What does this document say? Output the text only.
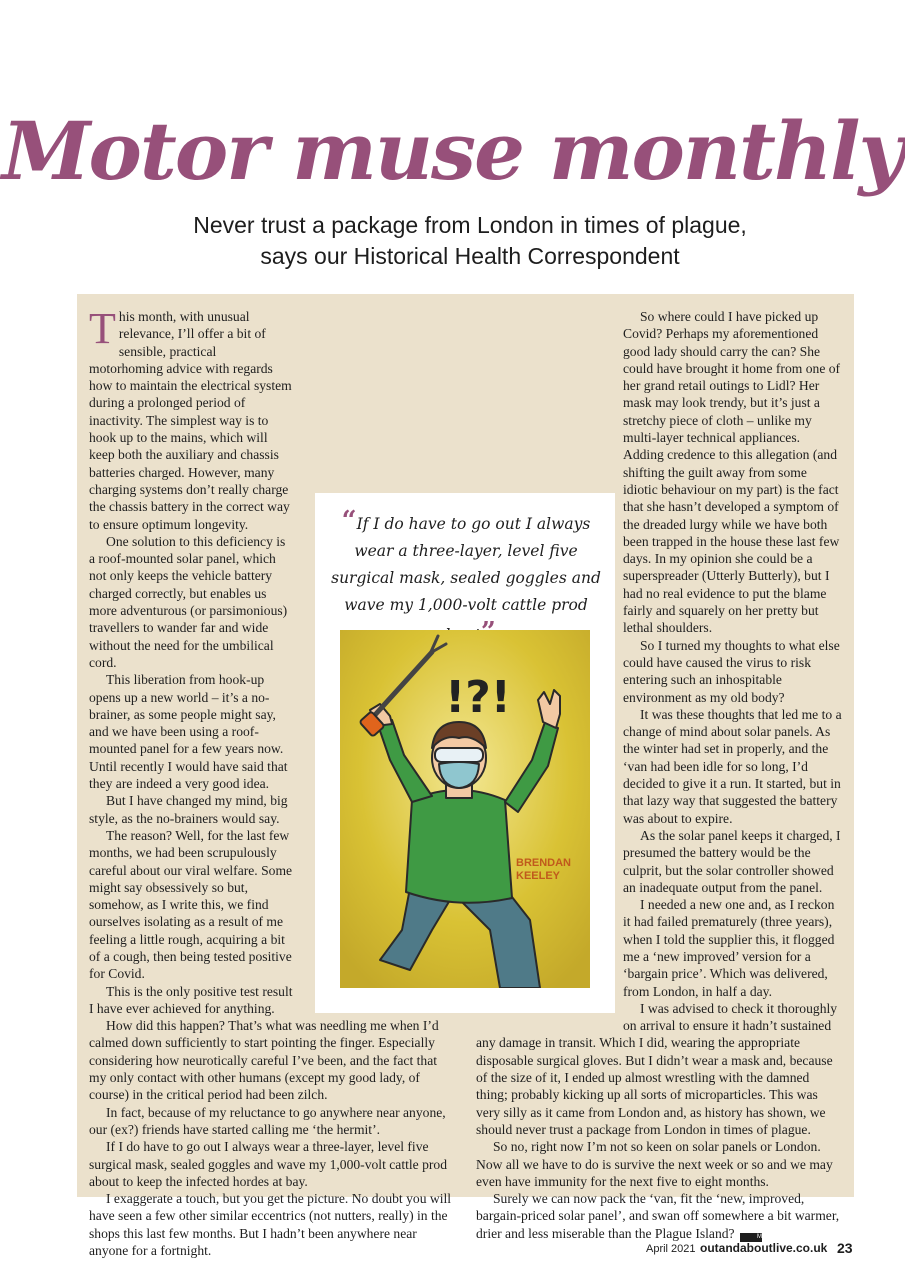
Motor muse monthly
Never trust a package from London in times of plague,
says our Historical Health Correspondent

This month, with unusual relevance, I’ll offer a bit of sensible, practical motorhoming advice with regards how to maintain the electrical system during a prolonged period of inactivity. The simplest way is to hook up to the mains, which will keep both the auxiliary and chassis batteries charged. However, many charging systems don’t really charge the chassis battery in the correct way to ensure optimum longevity.

One solution to this deficiency is a roof-mounted solar panel, which not only keeps the vehicle battery charged correctly, but enables us more adventurous (or parsimonious) travellers to wander far and wide without the need for the umbilical cord.

This liberation from hook-up opens up a new world – it’s a no-brainer, as some people might say, and we have been using a roof-mounted panel for a few years now. Until recently I would have said that they are indeed a very good idea.

But I have changed my mind, big style, as the no-brainers would say.

The reason? Well, for the last few months, we had been scrupulously careful about our viral welfare. Some might say obsessively so but, somehow, as I write this, we find ourselves isolating as a result of me feeling a little rough, acquiring a bit of a cough, then being tested positive for Covid.

This is the only positive test result I have ever achieved for anything.

How did this happen? That’s what was needling me when I’d calmed down sufficiently to start pointing the finger. Especially considering how neurotically careful I’ve been, and the fact that my only contact with other humans (except my good lady, of course) in the critical period had been zilch.

In fact, because of my reluctance to go anywhere near anyone, our (ex?) friends have started calling me ‘the hermit’.

If I do have to go out I always wear a three-layer, level five surgical mask, sealed goggles and wave my 1,000-volt cattle prod about to keep the infected hordes at bay.

I exaggerate a touch, but you get the picture. No doubt you will have seen a few other similar eccentrics (not nutters, really) in the shops this last few months. But I hadn’t been anywhere near anyone for a fortnight.

So where could I have picked up Covid? Perhaps my aforementioned good lady should carry the can? She could have brought it home from one of her grand retail outings to Lidl? Her mask may look trendy, but it’s just a stretchy piece of cloth – unlike my multi-layer technical appliances. Adding credence to this allegation (and shifting the guilt away from some idiotic behaviour on my part) is the fact that she hasn’t developed a symptom of the dreaded lurgy while we have both been trapped in the house these last few days. In my opinion she could be a superspreader (Utterly Butterly), but I had no real evidence to put the blame fairly and squarely on her pretty but lethal shoulders.

So I turned my thoughts to what else could have caused the virus to risk entering such an inhospitable environment as my old body?

It was these thoughts that led me to a change of mind about solar panels. As the winter had set in properly, and the ‘van had been idle for so long, I’d decided to give it a run. It started, but in that lazy way that suggested the battery was about to expire.

As the solar panel keeps it charged, I presumed the battery would be the culprit, but the solar controller showed an inadequate output from the panel.

I needed a new one and, as I reckon it had failed prematurely (three years), when I told the supplier this, it flogged me a ‘new improved’ version for a ‘bargain price’. Which was delivered, from London, in half a day.

I was advised to check it thoroughly on arrival to ensure it hadn’t sustained any damage in transit. Which I did, wearing the appropriate disposable surgical gloves. But I didn’t wear a mask and, because of the size of it, I ended up almost wrestling with the damned thing; probably kicking up all sorts of microparticles. This was very silly as it came from London and, as history has shown, we should never trust a package from London in times of plague.

So no, right now I’m not so keen on solar panels or London. Now all we have to do is survive the next week or so and we may even have immunity for the next five to eight months.

Surely we can now pack the ‘van, fit the ‘new, improved, bargain-priced solar panel’, and swan off somewhere a bit warmer, drier and less miserable than the Plague Island?	MMM

“If I do have to go out I always wear a three-layer, level five surgical mask, sealed goggles and wave my 1,000-volt cattle prod
!?!
BRENDAN
KEELEY
April 2021 outandaboutlive.co.uk 23
